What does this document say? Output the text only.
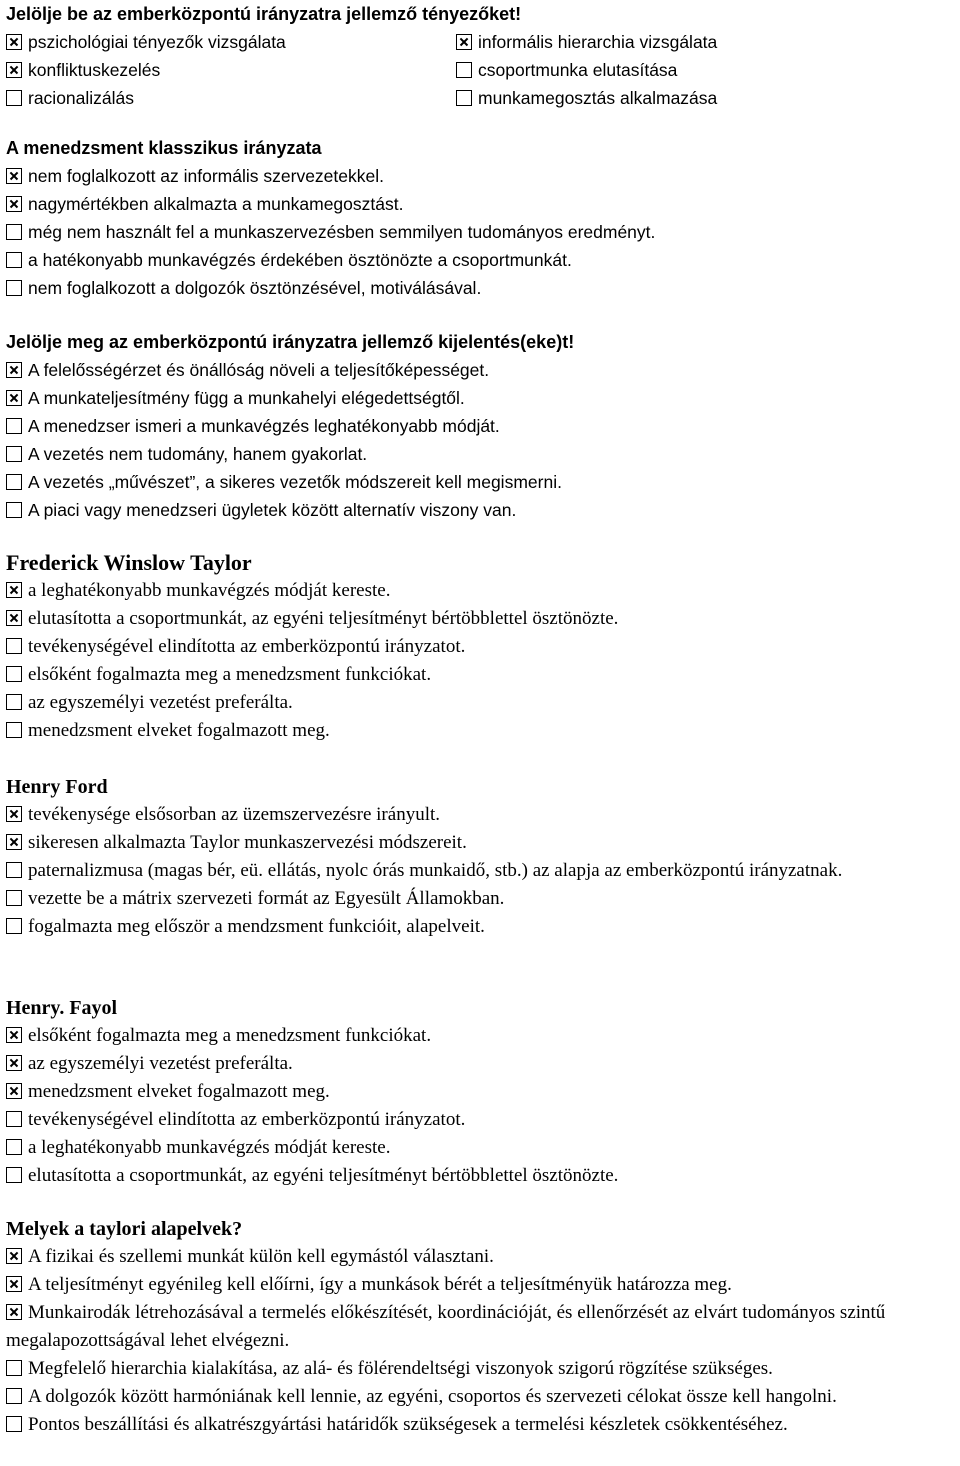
Jelölje be az emberközpontú irányzatra jellemző tényezőket!
pszichológiai tényezők vizsgálata	informális hierarchia vizsgálata
konfliktuskezelés	csoportmunka elutasítása
racionalizálás	munkamegosztás alkalmazása
A menedzsment klasszikus irányzata
nem foglalkozott az informális szervezetekkel.
nagymértékben alkalmazta a munkamegosztást.
még nem használt fel a munkaszervezésben semmilyen tudományos eredményt.
a hatékonyabb munkavégzés érdekében ösztönözte a csoportmunkát.
nem foglalkozott a dolgozók ösztönzésével, motiválásával.
Jelölje meg az emberközpontú irányzatra jellemző kijelentés(eke)t!
A felelősségérzet és önállóság növeli a teljesítőképességet.
A munkateljesítmény függ a munkahelyi elégedettségtől.
A menedzser ismeri a munkavégzés leghatékonyabb módját.
A vezetés nem tudomány, hanem gyakorlat.
A vezetés „művészet”, a sikeres vezetők módszereit kell megismerni.
A piaci vagy menedzseri ügyletek között alternatív viszony van.
Frederick Winslow Taylor
a leghatékonyabb munkavégzés módját kereste.
elutasította a csoportmunkát, az egyéni teljesítményt bértöbblettel ösztönözte.
tevékenységével elindította az emberközpontú irányzatot.
elsőként fogalmazta meg a menedzsment funkciókat.
az egyszemélyi vezetést preferálta.
menedzsment elveket fogalmazott meg.
Henry Ford
tevékenysége elsősorban az üzemszervezésre irányult.
sikeresen alkalmazta Taylor munkaszervezési módszereit.
paternalizmusa (magas bér, eü. ellátás, nyolc órás munkaidő, stb.) az alapja az emberközpontú irányzatnak.
vezette be a mátrix szervezeti formát az Egyesült Államokban.
fogalmazta meg először a mendzsment funkcióit, alapelveit.
Henry. Fayol
elsőként fogalmazta meg a menedzsment funkciókat.
az egyszemélyi vezetést preferálta.
menedzsment elveket fogalmazott meg.
tevékenységével elindította az emberközpontú irányzatot.
a leghatékonyabb munkavégzés módját kereste.
elutasította a csoportmunkát, az egyéni teljesítményt bértöbblettel ösztönözte.
Melyek a taylori alapelvek?
A fizikai és szellemi munkát külön kell egymástól választani.
A teljesítményt egyénileg kell előírni, így a munkások bérét a teljesítményük határozza meg.
Munkairodák létrehozásával a termelés előkészítését, koordinációját, és ellenőrzését az elvárt tudományos szintű megalapozottságával lehet elvégezni.
Megfelelő hierarchia kialakítása, az alá- és fölérendeltségi viszonyok szigorú rögzítése szükséges.
A dolgozók között harmóniának kell lennie, az egyéni, csoportos és szervezeti célokat össze kell hangolni.
Pontos beszállítási és alkatrészgyártási határidők szükségesek a termelési készletek csökkentéséhez.
